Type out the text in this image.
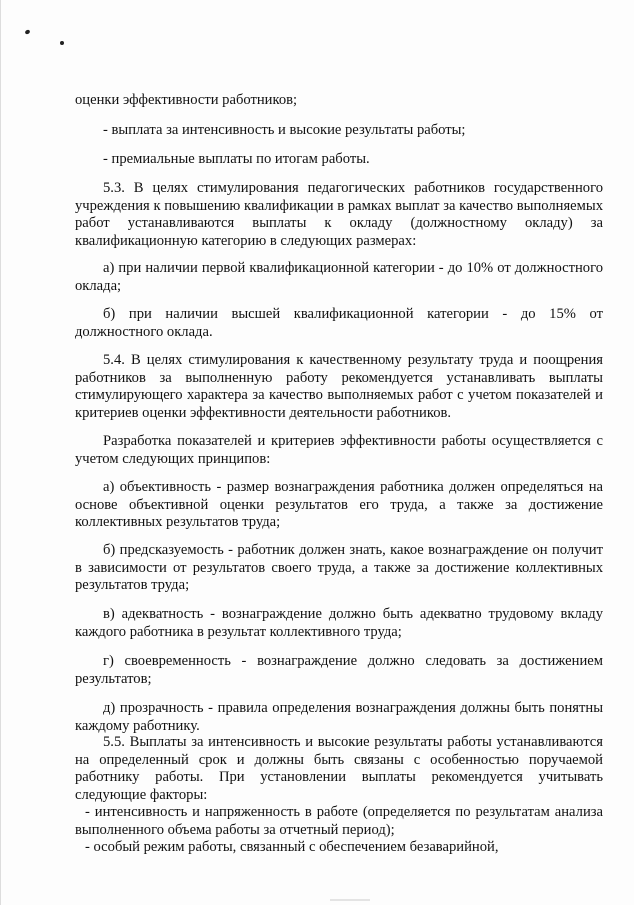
оценки эффективности работников;
- выплата за интенсивность и высокие результаты работы;
- премиальные выплаты по итогам работы.
5.3. В целях стимулирования педагогических работников государственного учреждения к повышению квалификации в рамках выплат за качество выполняемых работ устанавливаются выплаты к окладу (должностному окладу) за квалификационную категорию в следующих размерах:
а) при наличии первой квалификационной категории - до 10% от должностного оклада;
б) при наличии высшей квалификационной категории - до 15% от должностного оклада.
5.4. В целях стимулирования к качественному результату труда и поощрения работников за выполненную работу рекомендуется устанавливать выплаты стимулирующего характера за качество выполняемых работ с учетом показателей и критериев оценки эффективности деятельности работников.
Разработка показателей и критериев эффективности работы осуществляется с учетом следующих принципов:
а) объективность - размер вознаграждения работника должен определяться на основе объективной оценки результатов его труда, а также за достижение коллективных результатов труда;
б) предсказуемость - работник должен знать, какое вознаграждение он получит в зависимости от результатов своего труда, а также за достижение коллективных результатов труда;
в) адекватность - вознаграждение должно быть адекватно трудовому вкладу каждого работника в результат коллективного труда;
г) своевременность - вознаграждение должно следовать за достижением результатов;
д) прозрачность - правила определения вознаграждения должны быть понятны каждому работнику.
5.5. Выплаты за интенсивность и высокие результаты работы устанавливаются на определенный срок и должны быть связаны с особенностью поручаемой работнику работы. При установлении выплаты рекомендуется учитывать следующие факторы:
- интенсивность и напряженность в работе (определяется по результатам анализа выполненного объема работы за отчетный период);
- особый режим работы, связанный с обеспечением безаварийной,
